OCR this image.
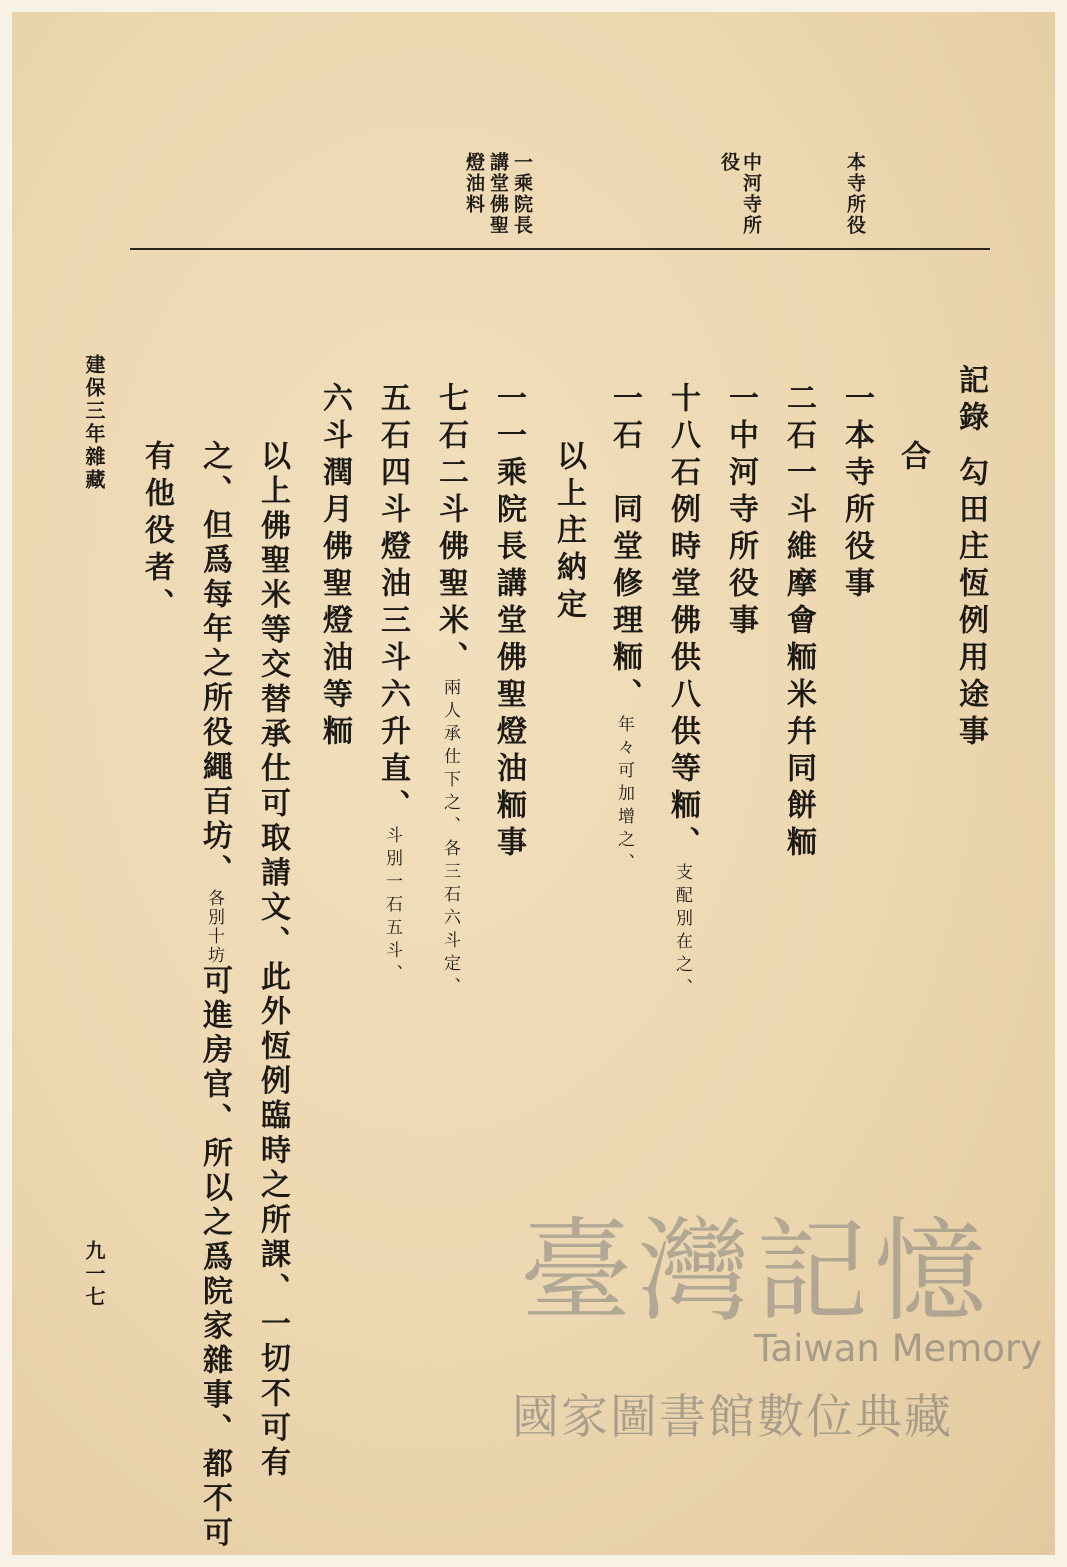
本寺所役
中河寺所
役
一乘院長
講堂佛聖
燈油料
記錄勾田庄恆例用途事
合
一本寺所役事
二石一斗維摩會粫米幷同餅粫
一中河寺所役事
十八石例時堂佛供八供等粫、支配別在之、
一石　同堂修理粫、年々可加增之、
以上庄納定
一一乘院長講堂佛聖燈油粫事
七石二斗佛聖米、兩人承仕下之、各三石六斗定、
五石四斗燈油三斗六升直、斗別一石五斗、
六斗潤月佛聖燈油等粫
以上佛聖米等交替承仕可取請文、此外恆例臨時之所課、一切不可有
之、但爲每年之所役繩百坊、各別十坊可進房官、所以之爲院家雜事、都不可
有他役者、
建保三年雜藏
九一七	臺灣記憶
Taiwan Memory
國家圖書館數位典藏
